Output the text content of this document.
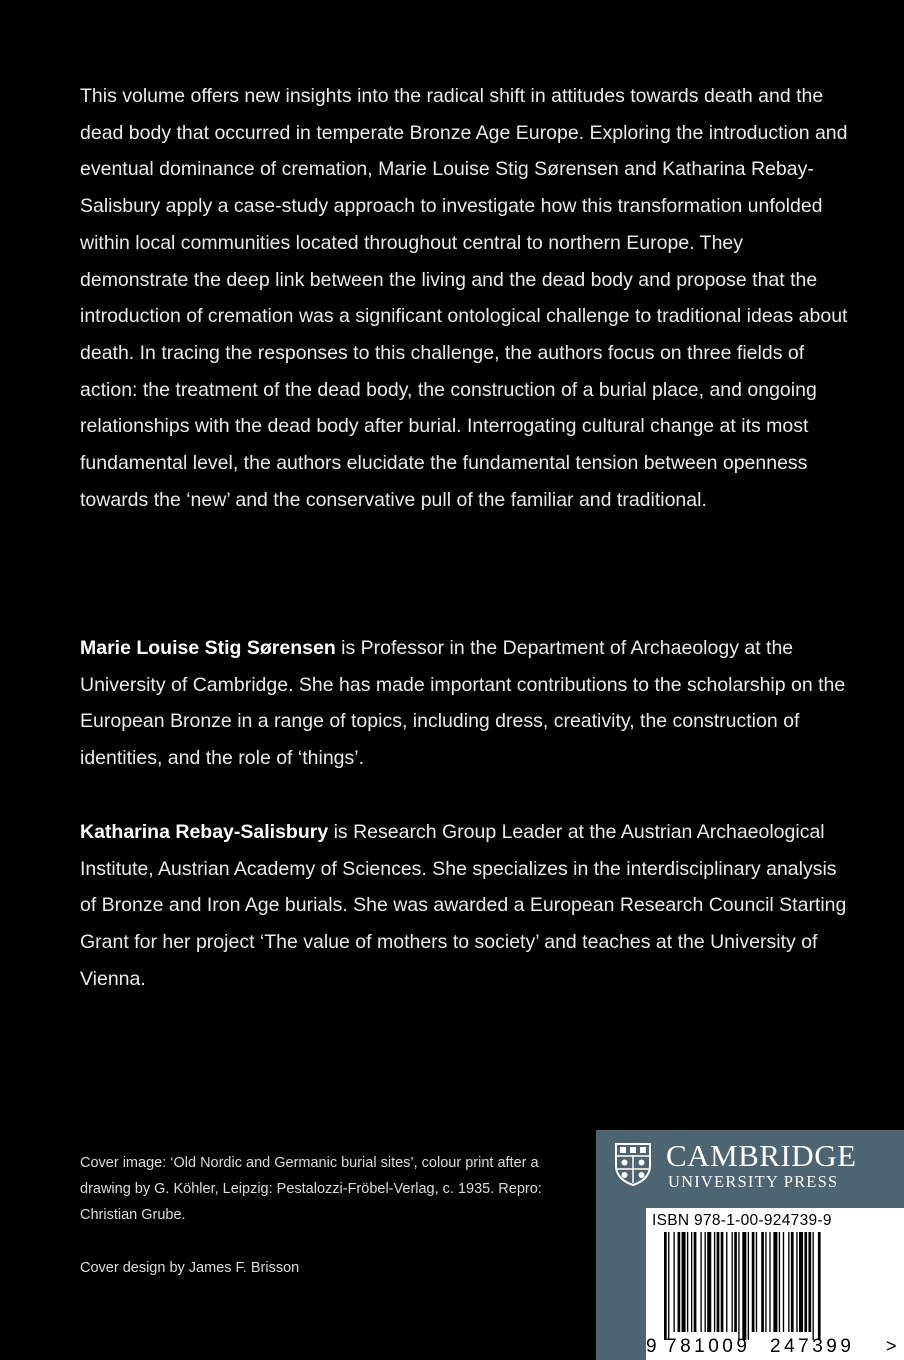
This volume offers new insights into the radical shift in attitudes towards death and the dead body that occurred in temperate Bronze Age Europe. Exploring the introduction and eventual dominance of cremation, Marie Louise Stig Sørensen and Katharina Rebay-Salisbury apply a case-study approach to investigate how this transformation unfolded within local communities located throughout central to northern Europe. They demonstrate the deep link between the living and the dead body and propose that the introduction of cremation was a significant ontological challenge to traditional ideas about death. In tracing the responses to this challenge, the authors focus on three fields of action: the treatment of the dead body, the construction of a burial place, and ongoing relationships with the dead body after burial. Interrogating cultural change at its most fundamental level, the authors elucidate the fundamental tension between openness towards the ‘new’ and the conservative pull of the familiar and traditional.

Marie Louise Stig Sørensen is Professor in the Department of Archaeology at the University of Cambridge. She has made important contributions to the scholarship on the European Bronze in a range of topics, including dress, creativity, the construction of identities, and the role of ‘things’.

Katharina Rebay-Salisbury is Research Group Leader at the Austrian Archaeological Institute, Austrian Academy of Sciences. She specializes in the interdisciplinary analysis of Bronze and Iron Age burials. She was awarded a European Research Council Starting Grant for her project ‘The value of mothers to society’ and teaches at the University of Vienna.

Cover image: ‘Old Nordic and Germanic burial sites’, colour print after a drawing by G. Köhler, Leipzig: Pestalozzi-Fröbel-Verlag, c. 1935. Repro: Christian Grube.

Cover design by James F. Brisson

CAMBRIDGE
UNIVERSITY PRESS
ISBN 978-1-00-924739-9
9 781009 247399 >
